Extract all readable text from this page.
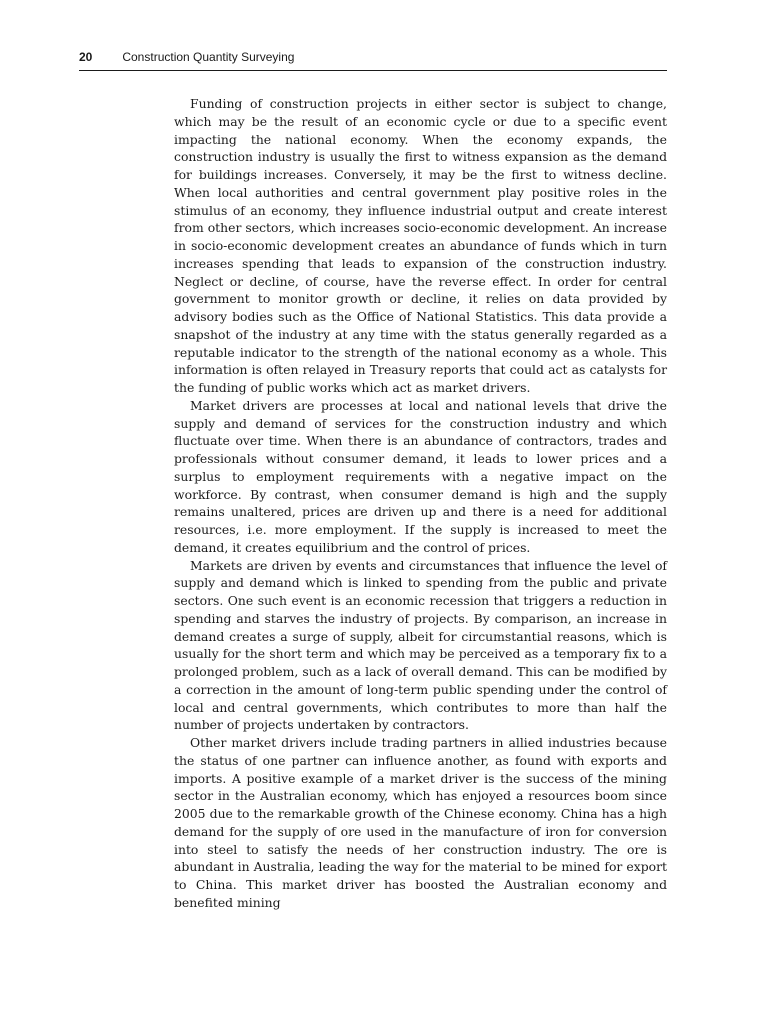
20 Construction Quantity Surveying

Funding of construction projects in either sector is subject to change, which may be the result of an economic cycle or due to a specific event impacting the national economy. When the economy expands, the construction industry is usually the first to witness expansion as the demand for buildings increases. Conversely, it may be the first to witness decline. When local authorities and central government play positive roles in the stimulus of an economy, they influence industrial output and create interest from other sectors, which increases socio-economic development. An increase in socio-economic development creates an abundance of funds which in turn increases spending that leads to expansion of the construction industry. Neglect or decline, of course, have the reverse effect. In order for central government to monitor growth or decline, it relies on data provided by advisory bodies such as the Office of National Statistics. This data provide a snapshot of the industry at any time with the status generally regarded as a reputable indicator to the strength of the national economy as a whole. This information is often relayed in Treasury reports that could act as catalysts for the funding of public works which act as market drivers.

Market drivers are processes at local and national levels that drive the supply and demand of services for the construction industry and which fluctuate over time. When there is an abundance of contractors, trades and professionals without consumer demand, it leads to lower prices and a surplus to employment requirements with a negative impact on the workforce. By contrast, when consumer demand is high and the supply remains unaltered, prices are driven up and there is a need for additional resources, i.e. more employment. If the supply is increased to meet the demand, it creates equilibrium and the control of prices.

Markets are driven by events and circumstances that influence the level of supply and demand which is linked to spending from the public and private sectors. One such event is an economic recession that triggers a reduction in spending and starves the industry of projects. By comparison, an increase in demand creates a surge of supply, albeit for circumstantial reasons, which is usually for the short term and which may be perceived as a temporary fix to a prolonged problem, such as a lack of overall demand. This can be modified by a correction in the amount of long-term public spending under the control of local and central governments, which contributes to more than half the number of projects undertaken by contractors.

Other market drivers include trading partners in allied industries because the status of one partner can influence another, as found with exports and imports. A positive example of a market driver is the success of the mining sector in the Australian economy, which has enjoyed a resources boom since 2005 due to the remarkable growth of the Chinese economy. China has a high demand for the supply of ore used in the manufacture of iron for conversion into steel to satisfy the needs of her construction industry. The ore is abundant in Australia, leading the way for the material to be mined for export to China. This market driver has boosted the Australian economy and benefited mining
